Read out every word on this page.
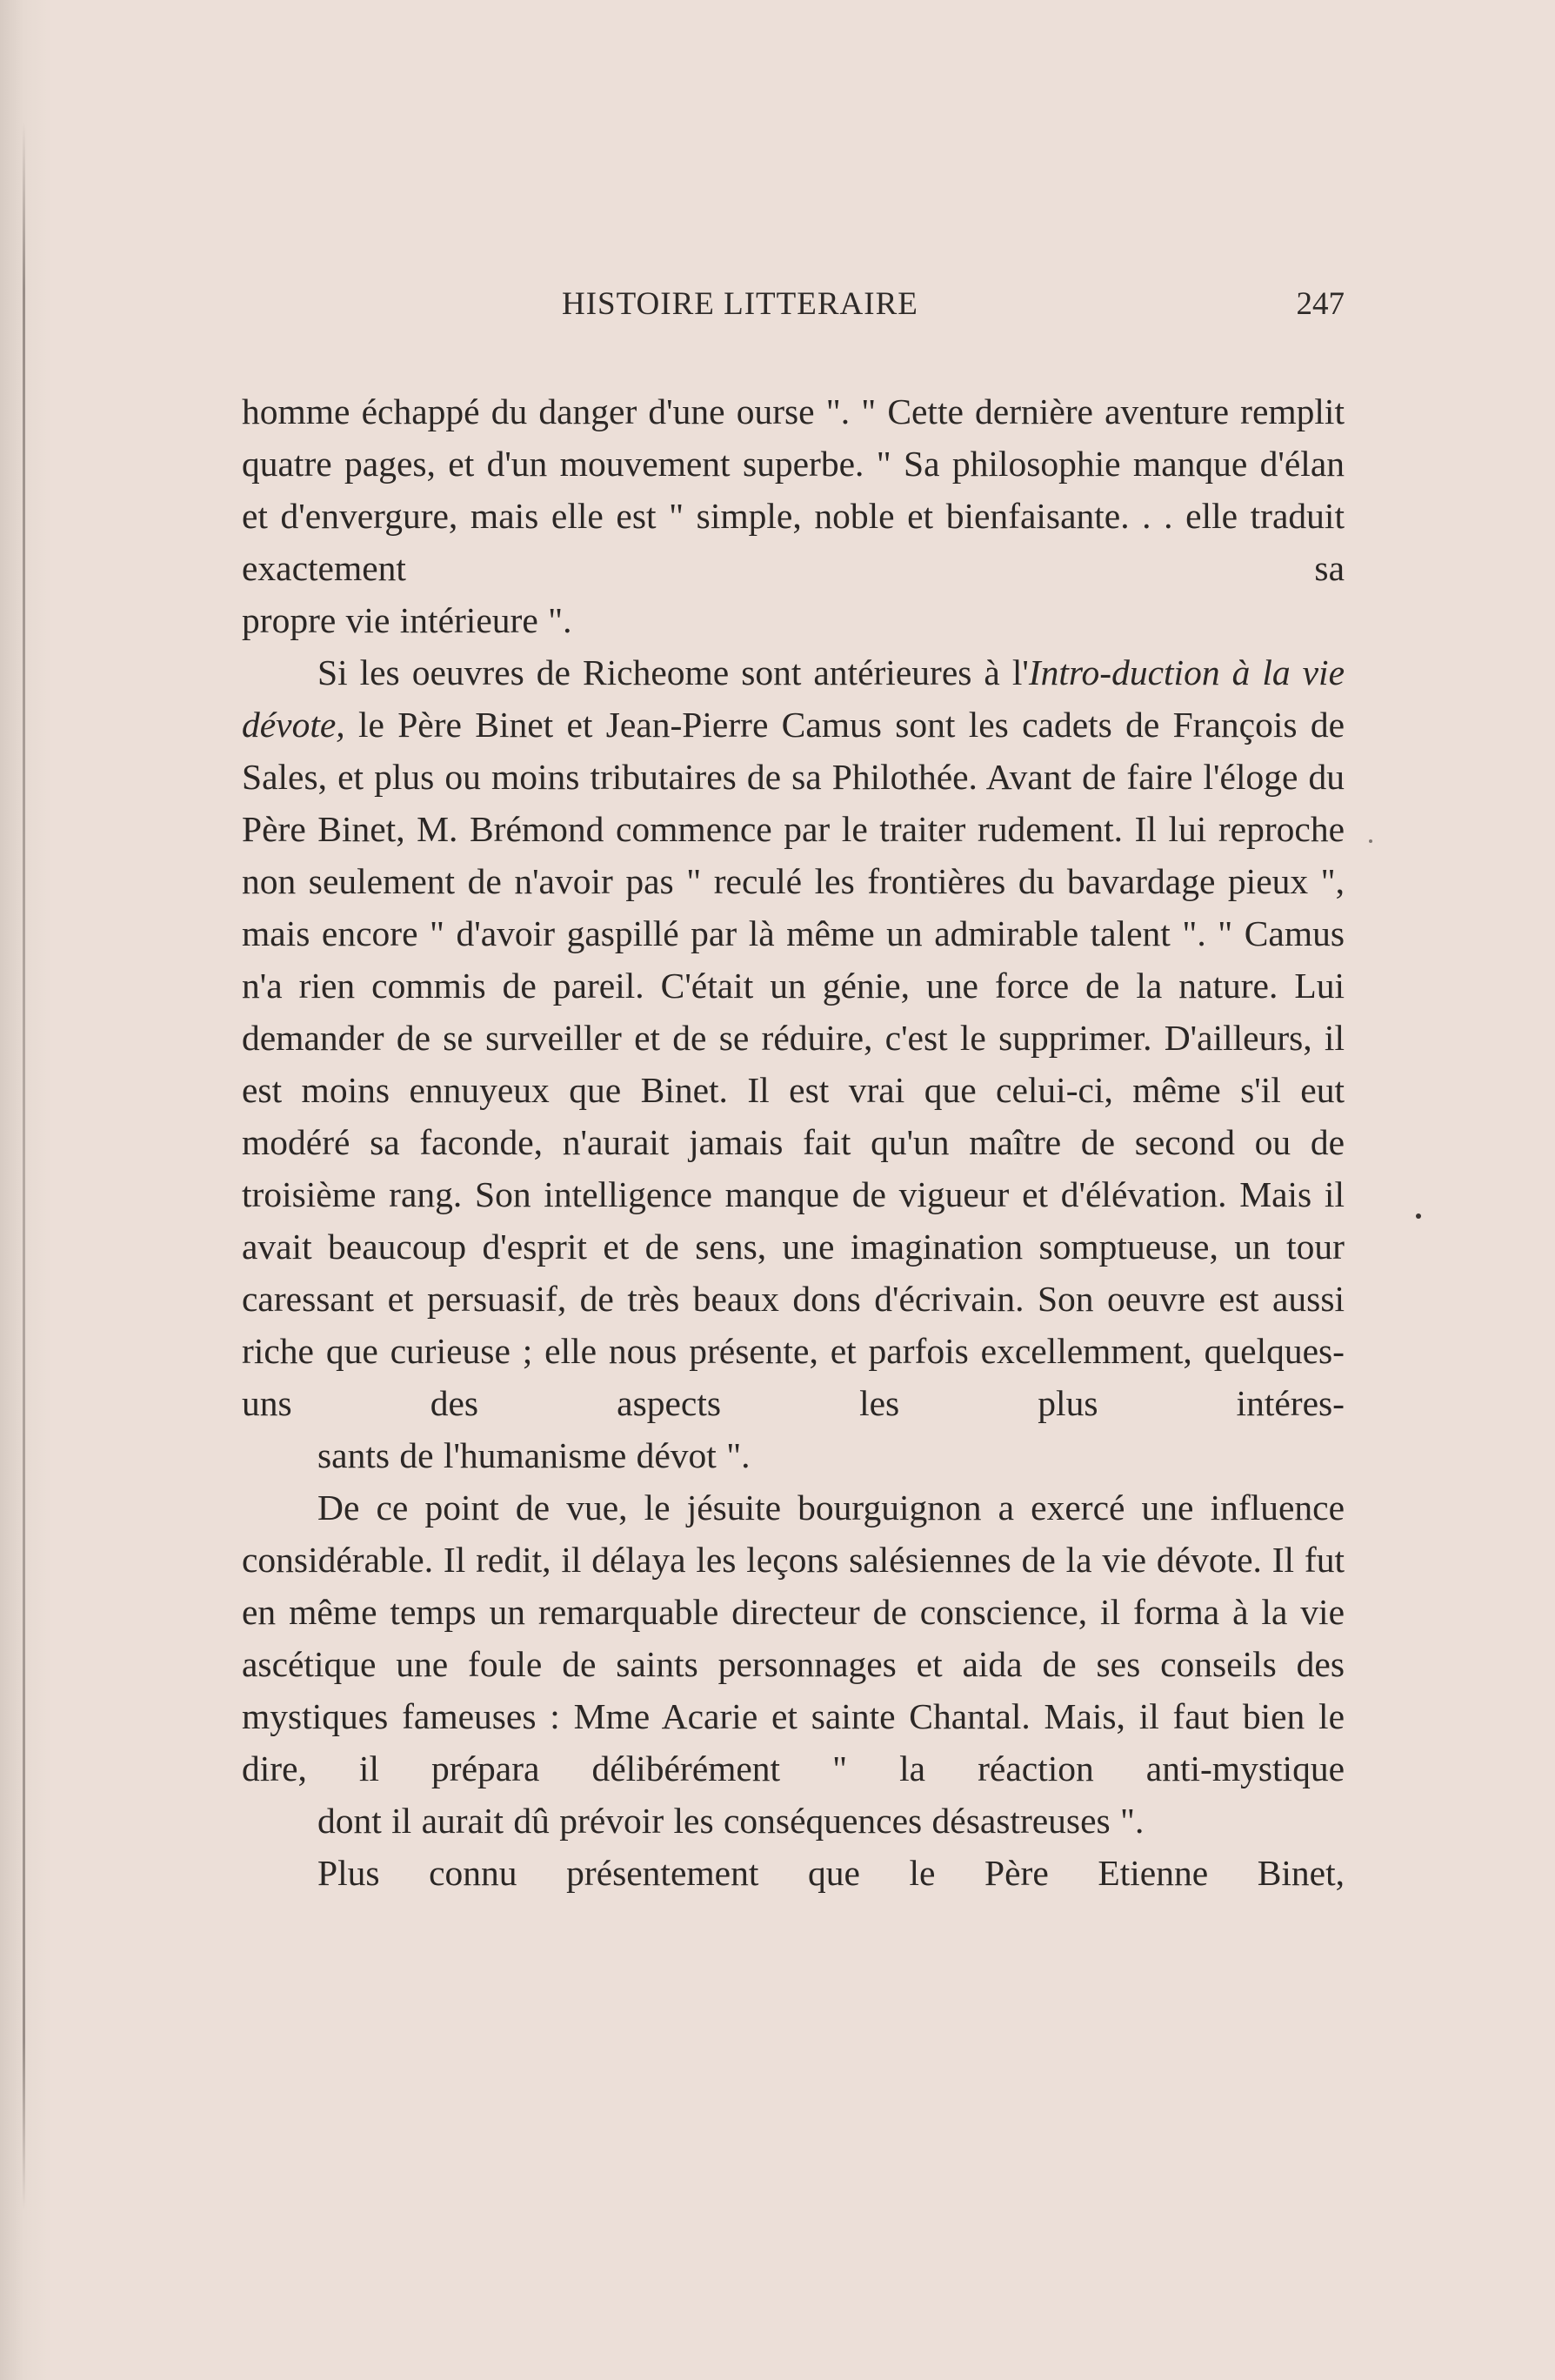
HISTOIRE LITTERAIRE	247

homme échappé du danger d'une ourse ". " Cette dernière aventure remplit quatre pages, et d'un mouvement superbe. " Sa philosophie manque d'élan et d'envergure, mais elle est " simple, noble et bienfaisante. . . elle traduit exactement sa
propre vie intérieure ".

Si les oeuvres de Richeome sont antérieures à l'Intro-duction à la vie dévote, le Père Binet et Jean-Pierre Camus sont les cadets de François de Sales, et plus ou moins tributaires de sa Philothée. Avant de faire l'éloge du Père Binet, M. Brémond commence par le traiter rudement. Il lui reproche non seulement de n'avoir pas " reculé les frontières du bavardage pieux ", mais encore " d'avoir gaspillé par là même un admirable talent ". " Camus n'a rien commis de pareil. C'était un génie, une force de la nature. Lui demander de se surveiller et de se réduire, c'est le supprimer. D'ailleurs, il est moins ennuyeux que Binet. Il est vrai que celui-ci, même s'il eut modéré sa faconde, n'aurait jamais fait qu'un maître de second ou de troisième rang. Son intelligence manque de vigueur et d'élévation. Mais il avait beaucoup d'esprit et de sens, une imagination somptueuse, un tour caressant et persuasif, de très beaux dons d'écrivain. Son oeuvre est aussi riche que curieuse ; elle nous présente, et parfois excellemment, quelques-uns des aspects les plus intéres-
sants de l'humanisme dévot ".

De ce point de vue, le jésuite bourguignon a exercé une influence considérable. Il redit, il délaya les leçons salésiennes de la vie dévote. Il fut en même temps un remarquable directeur de conscience, il forma à la vie ascétique une foule de saints personnages et aida de ses conseils des mystiques fameuses : Mme Acarie et sainte Chantal. Mais, il faut bien le dire, il prépara délibérément " la réaction anti-mystique
dont il aurait dû prévoir les conséquences désastreuses ".

Plus connu présentement que le Père Etienne Binet,
